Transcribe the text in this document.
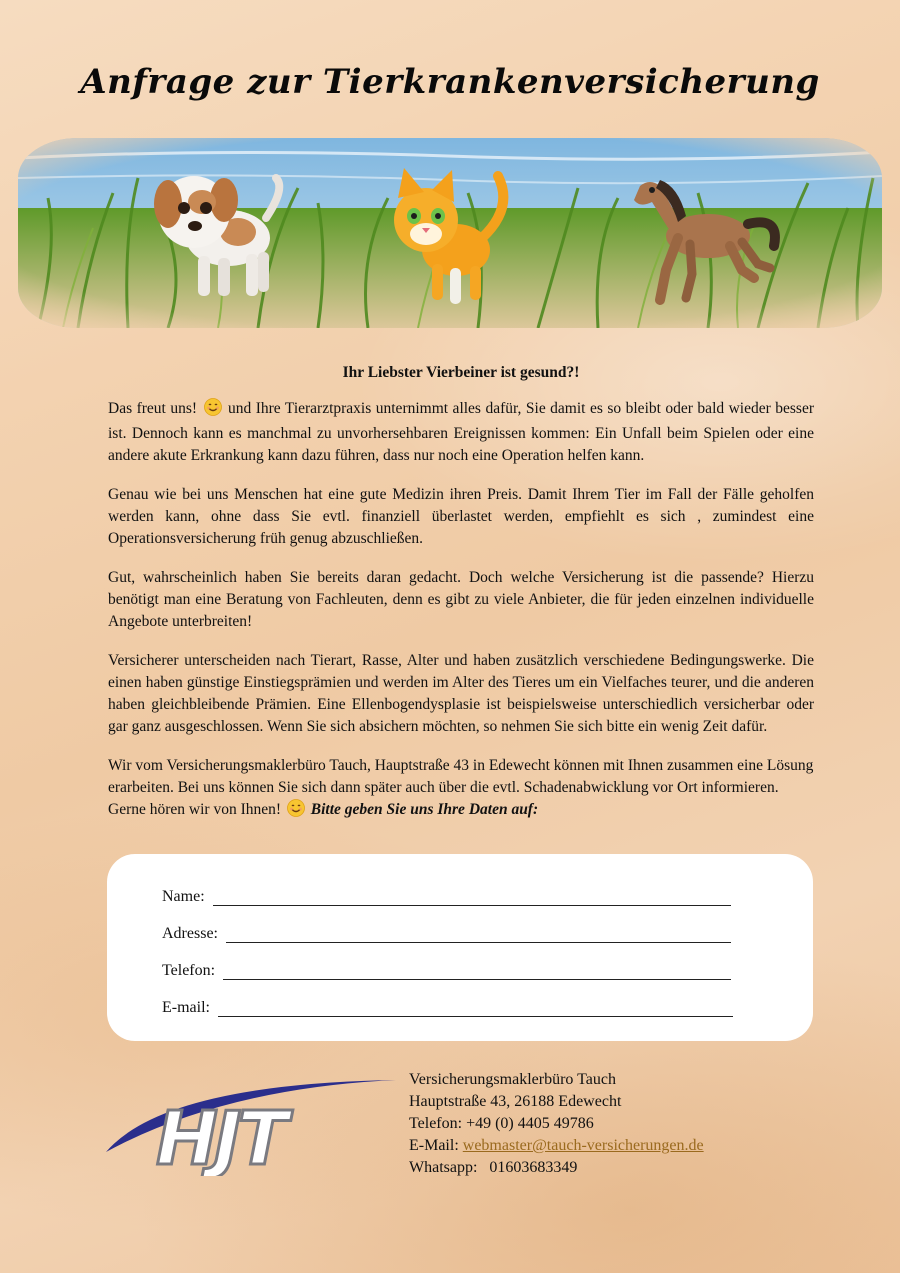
Anfrage zur Tierkrankenversicherung
Ihr Liebster Vierbeiner ist gesund?!

Das freut uns! und Ihre Tierarztpraxis unternimmt alles dafür, Sie damit es so bleibt oder bald wieder besser ist. Dennoch kann es manchmal zu unvorhersehbaren Ereignissen kommen: Ein Unfall beim Spielen oder eine andere akute Erkrankung kann dazu führen, dass nur noch eine Operation helfen kann.

Genau wie bei uns Menschen hat eine gute Medizin ihren Preis. Damit Ihrem Tier im Fall der Fälle geholfen werden kann, ohne dass Sie evtl. finanziell überlastet werden, empfiehlt es sich , zumindest eine Operationsversicherung früh genug abzuschließen.

Gut, wahrscheinlich haben Sie bereits daran gedacht. Doch welche Versicherung ist die passende? Hierzu benötigt man eine Beratung von Fachleuten, denn es gibt zu viele Anbieter, die für jeden einzelnen individuelle Angebote unterbreiten!

Versicherer unterscheiden nach Tierart, Rasse, Alter und haben zusätzlich verschiedene Bedingungswerke. Die einen haben günstige Einstiegsprämien und werden im Alter des Tieres um ein Vielfaches teurer, und die anderen haben gleichbleibende Prämien. Eine Ellenbogendysplasie ist beispielsweise unterschiedlich versicherbar oder gar ganz ausgeschlossen. Wenn Sie sich absichern möchten, so nehmen Sie sich bitte ein wenig Zeit dafür.

Wir vom Versicherungsmaklerbüro Tauch, Hauptstraße 43 in Edewecht können mit Ihnen zusammen eine Lösung erarbeiten. Bei uns können Sie sich dann später auch über die evtl. Schadenabwicklung vor Ort informieren. Gerne hören wir von Ihnen! Bitte geben Sie uns Ihre Daten auf:

Name:
Adresse:
Telefon:
E-mail:
HJT
Versicherungsmaklerbüro Tauch
Hauptstraße 43, 26188 Edewecht
Telefon: +49 (0) 4405 49786
E-Mail: webmaster@tauch-versicherungen.de
Whatsapp:   01603683349
